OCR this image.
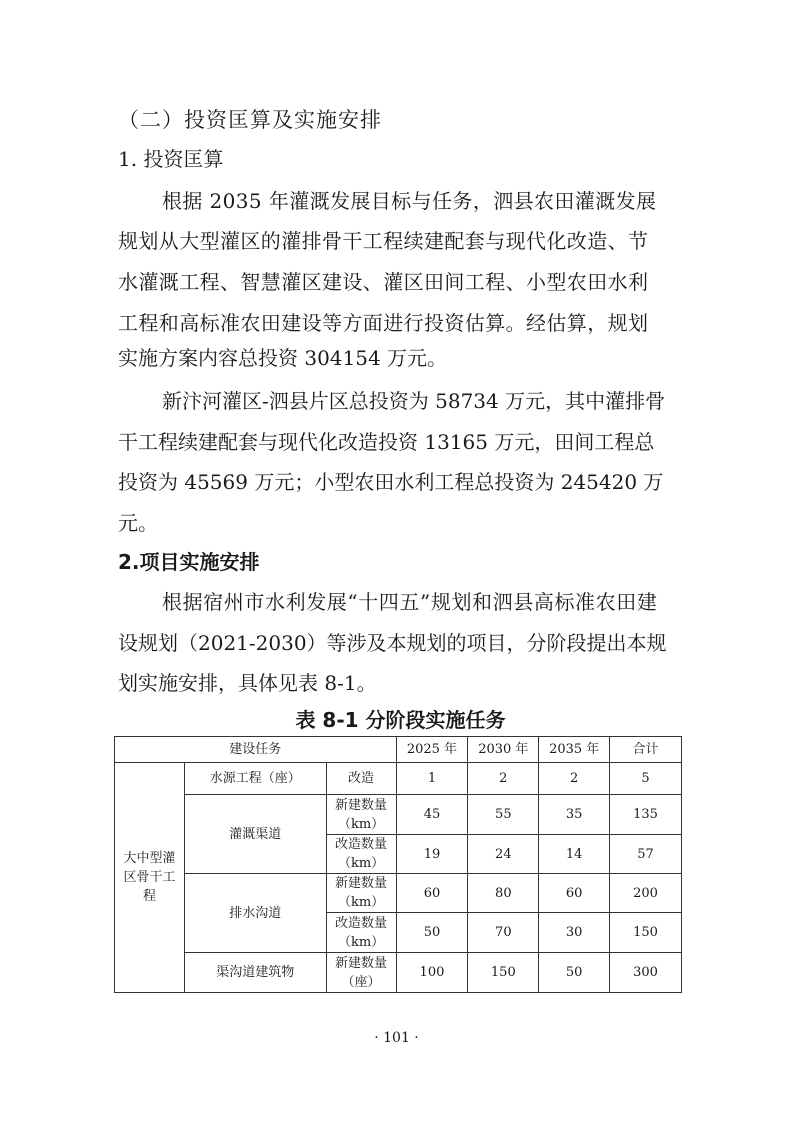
（二）投资匡算及实施安排
1. 投资匡算
根据 2035 年灌溉发展目标与任务，泗县农田灌溉发展
规划从大型灌区的灌排骨干工程续建配套与现代化改造、节
水灌溉工程、智慧灌区建设、灌区田间工程、小型农田水利
工程和高标准农田建设等方面进行投资估算。经估算，规划
实施方案内容总投资 304154 万元。
新汴河灌区-泗县片区总投资为 58734 万元，其中灌排骨
干工程续建配套与现代化改造投资 13165 万元，田间工程总
投资为 45569 万元；小型农田水利工程总投资为 245420 万
元。
2.项目实施安排
根据宿州市水利发展“十四五”规划和泗县高标准农田建
设规划（2021-2030）等涉及本规划的项目，分阶段提出本规
划实施安排，具体见表 8-1。
表 8-1 分阶段实施任务
建设任务			2025 年	2030 年	2035 年	合计

大中型灌区骨干工程	水源工程（座）	改造	1	2	2	5
	灌溉渠道	新建数量（km）	45	55	35	135

		改造数量（km）	19	24	14	57
	排水沟道	新建数量（km）	60	80	60	200

		改造数量（km）	50	70	30	150
	渠沟道建筑物	新建数量（座）	100	150	50	300
· 101 ·
